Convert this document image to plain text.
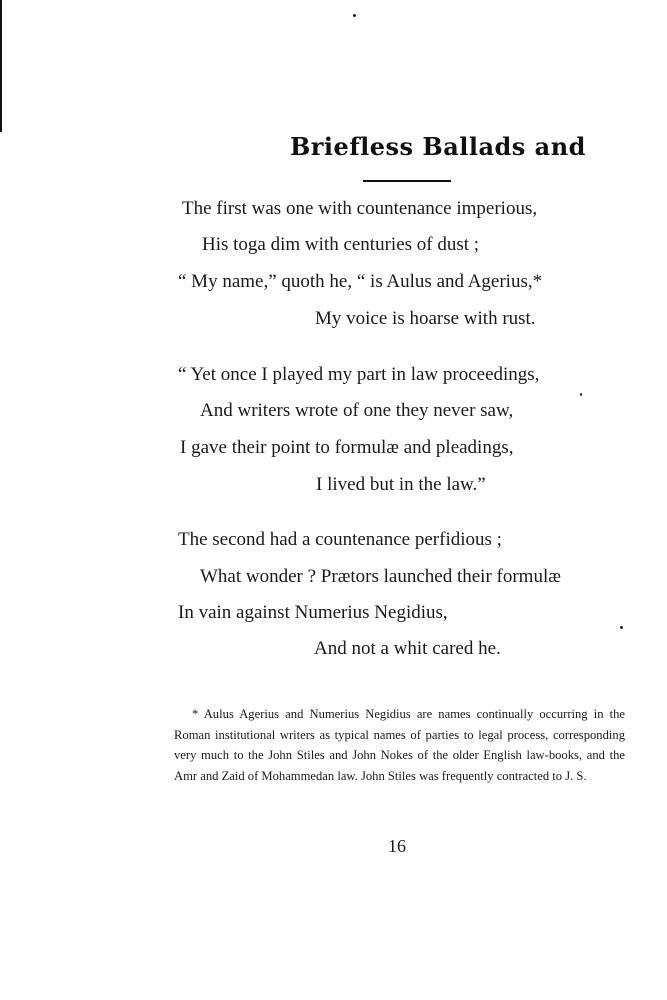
Briefless Ballads and
The first was one with countenance imperious,
His toga dim with centuries of dust ;
“ My name,” quoth he, “ is Aulus and Agerius,*
My voice is hoarse with rust.
“ Yet once I played my part in law proceedings,
And writers wrote of one they never saw,
I gave their point to formulæ and pleadings,
I lived but in the law.”
The second had a countenance perfidious ;
What wonder ? Prætors launched their formulæ
In vain against Numerius Negidius,
And not a whit cared he.
* Aulus Agerius and Numerius Negidius are names continually occurring in the Roman institutional writers as typical names of parties to legal process, corresponding very much to the John Stiles and John Nokes of the older English law-books, and the Amr and Zaid of Mohammedan law. John Stiles was frequently contracted to J. S.
16
